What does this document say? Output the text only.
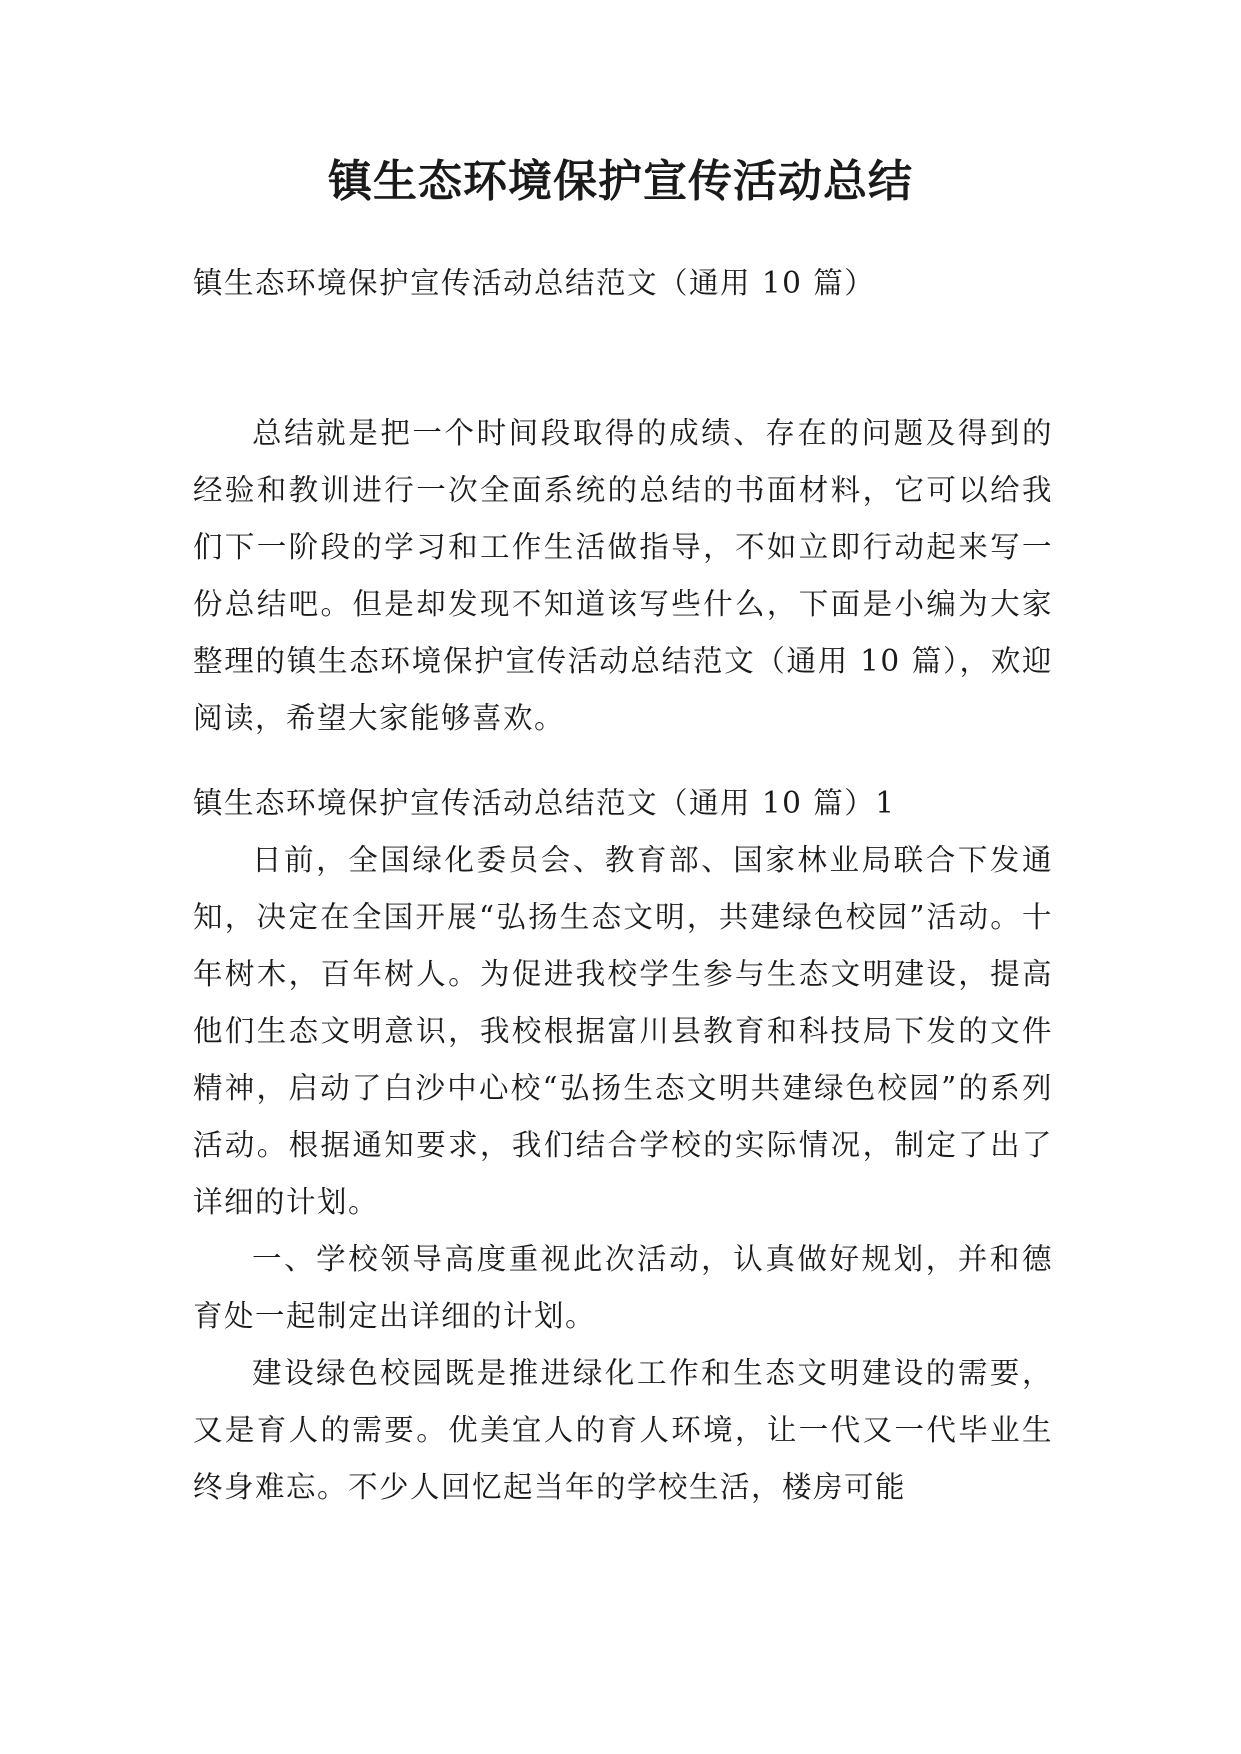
镇生态环境保护宣传活动总结

镇生态环境保护宣传活动总结范文（通用 10 篇）

总结就是把一个时间段取得的成绩、存在的问题及得到的经验和教训进行一次全面系统的总结的书面材料，它可以给我们下一阶段的学习和工作生活做指导，不如立即行动起来写一份总结吧。但是却发现不知道该写些什么，下面是小编为大家整理的镇生态环境保护宣传活动总结范文（通用 10 篇），欢迎阅读，希望大家能够喜欢。

镇生态环境保护宣传活动总结范文（通用 10 篇）1

日前，全国绿化委员会、教育部、国家林业局联合下发通知，决定在全国开展“弘扬生态文明，共建绿色校园”活动。十年树木，百年树人。为促进我校学生参与生态文明建设，提高他们生态文明意识，我校根据富川县教育和科技局下发的文件精神，启动了白沙中心校“弘扬生态文明共建绿色校园”的系列活动。根据通知要求，我们结合学校的实际情况，制定了出了详细的计划。

一、学校领导高度重视此次活动，认真做好规划，并和德育处一起制定出详细的计划。

建设绿色校园既是推进绿化工作和生态文明建设的需要，又是育人的需要。优美宜人的育人环境，让一代又一代毕业生终身难忘。不少人回忆起当年的学校生活，楼房可能
